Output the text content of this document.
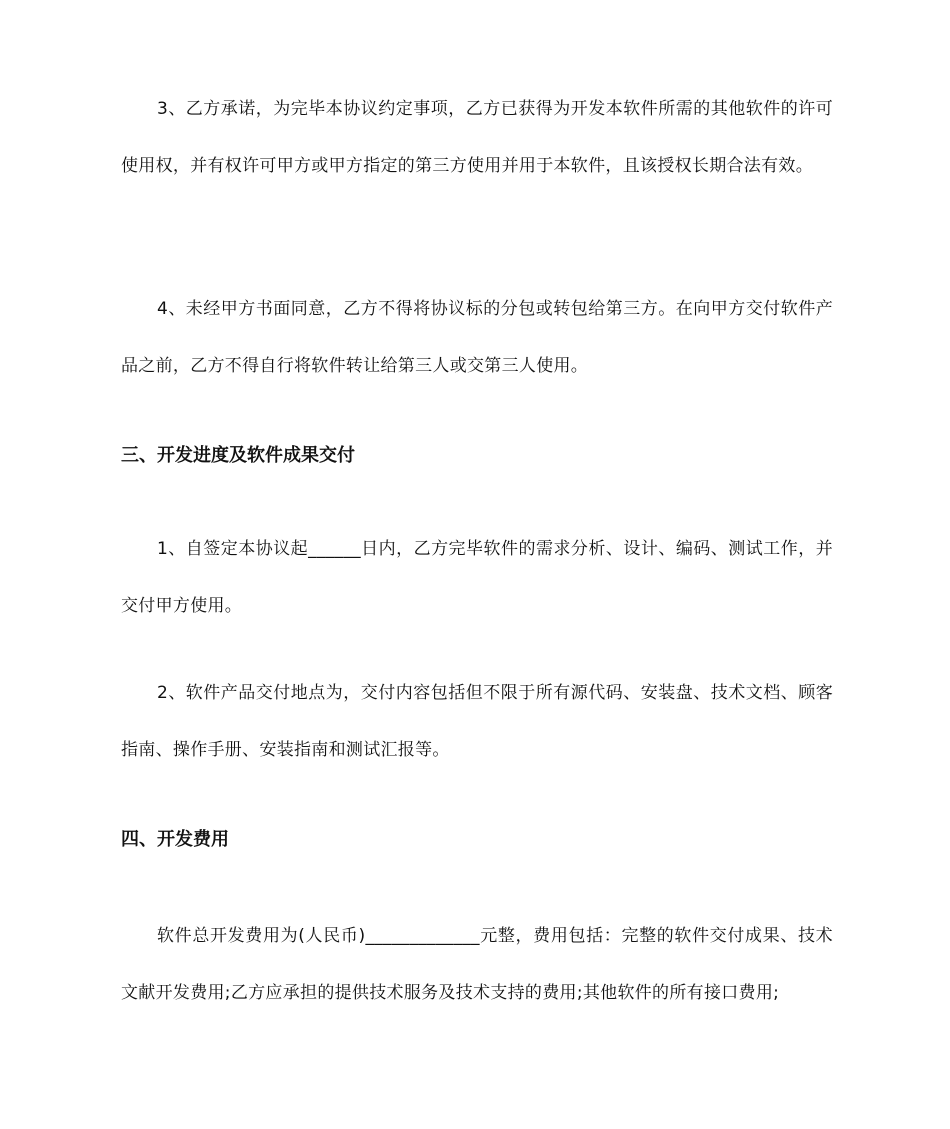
3、乙方承诺，为完毕本协议约定事项，乙方已获得为开发本软件所需的其他软件的许可使用权，并有权许可甲方或甲方指定的第三方使用并用于本软件，且该授权长期合法有效。

4、未经甲方书面同意，乙方不得将协议标的分包或转包给第三方。在向甲方交付软件产品之前，乙方不得自行将软件转让给第三人或交第三人使用。

三、开发进度及软件成果交付

1、自签定本协议起______日内，乙方完毕软件的需求分析、设计、编码、测试工作，并交付甲方使用。

2、软件产品交付地点为，交付内容包括但不限于所有源代码、安装盘、技术文档、顾客指南、操作手册、安装指南和测试汇报等。

四、开发费用

软件总开发费用为(人民币)_____________元整，费用包括：完整的软件交付成果、技术文献开发费用;乙方应承担的提供技术服务及技术支持的费用;其他软件的所有接口费用;
